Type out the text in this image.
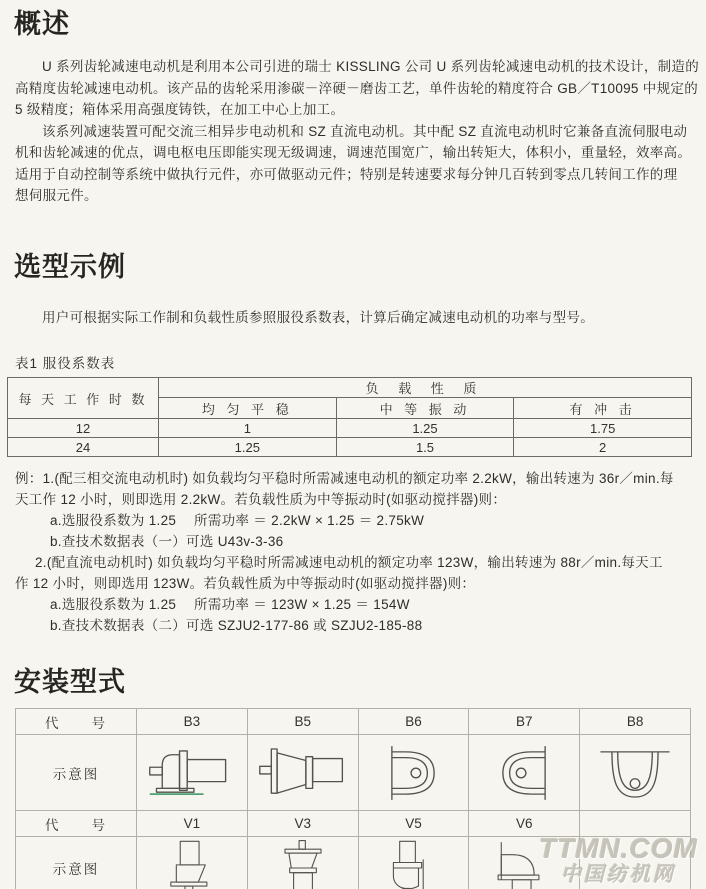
概述
U 系列齿轮减速电动机是利用本公司引进的瑞士 KISSLING 公司 U 系列齿轮减速电动机的技术设计，制造的
高精度齿轮减速电动机。该产品的齿轮采用渗碳－淬硬－磨齿工艺，单件齿轮的精度符合 GB／T10095 中规定的
5 级精度；箱体采用高强度铸铁，在加工中心上加工。
该系列减速装置可配交流三相异步电动机和 SZ 直流电动机。其中配 SZ 直流电动机时它兼备直流伺服电动
机和齿轮减速的优点，调电枢电压即能实现无级调速，调速范围宽广，输出转矩大，体积小，重量轻，效率高。
适用于自动控制等系统中做执行元件，亦可做驱动元件；特别是转速要求每分钟几百转到零点几转间工作的理
想伺服元件。
选型示例
用户可根据实际工作制和负载性质参照服役系数表，计算后确定减速电动机的功率与型号。
表1 服役系数表
每 天 工 作 时 数	负 载 性 质		
	均 匀 平 稳	中 等 振 动	有 冲 击
12	1	1.25	1.75
24	1.25	1.5	2
例：1.(配三相交流电动机时) 如负载均匀平稳时所需减速电动机的额定功率 2.2kW，输出转速为 36r／min.每
天工作 12 小时，则即选用 2.2kW。若负载性质为中等振动时(如驱动搅拌器)则：
a.选服役系数为 1.25　 所需功率 ＝ 2.2kW × 1.25 ＝ 2.75kW
b.查技术数据表（一）可选 U43v-3-36
2.(配直流电动机时) 如负载均匀平稳时所需减速电动机的额定功率 123W，输出转速为 88r／min.每天工
作 12 小时，则即选用 123W。若负载性质为中等振动时(如驱动搅拌器)则：
a.选服役系数为 1.25　 所需功率 ＝ 123W × 1.25 ＝ 154W
b.查技术数据表（二）可选 SZJU2-177-86 或 SZJU2-185-88
安装型式
代　　号	B3	B5	B6	B7	B8
示意图	

代　　号	V1	V3	V5	V6	
示意图	

TTMN.COM
中国纺机网
